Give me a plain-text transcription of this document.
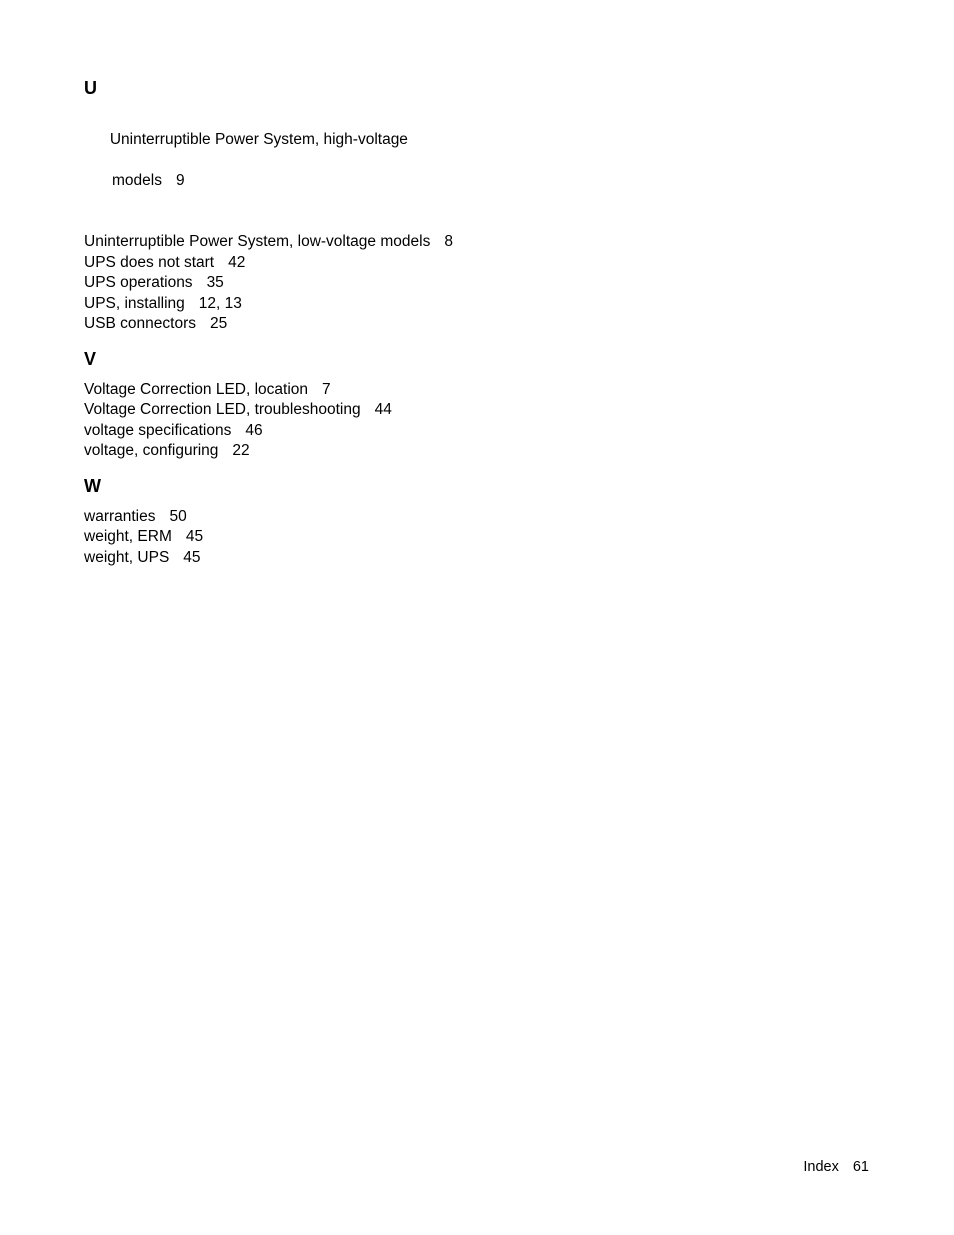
U

Uninterruptible Power System, high-voltage

models 9

Uninterruptible Power System, low-voltage models 8
UPS does not start 42
UPS operations 35
UPS, installing 12, 13
USB connectors 25
V
Voltage Correction LED, location 7
Voltage Correction LED, troubleshooting 44
voltage specifications 46
voltage, configuring 22
W
warranties 50
weight, ERM 45
weight, UPS 45
Index 61
